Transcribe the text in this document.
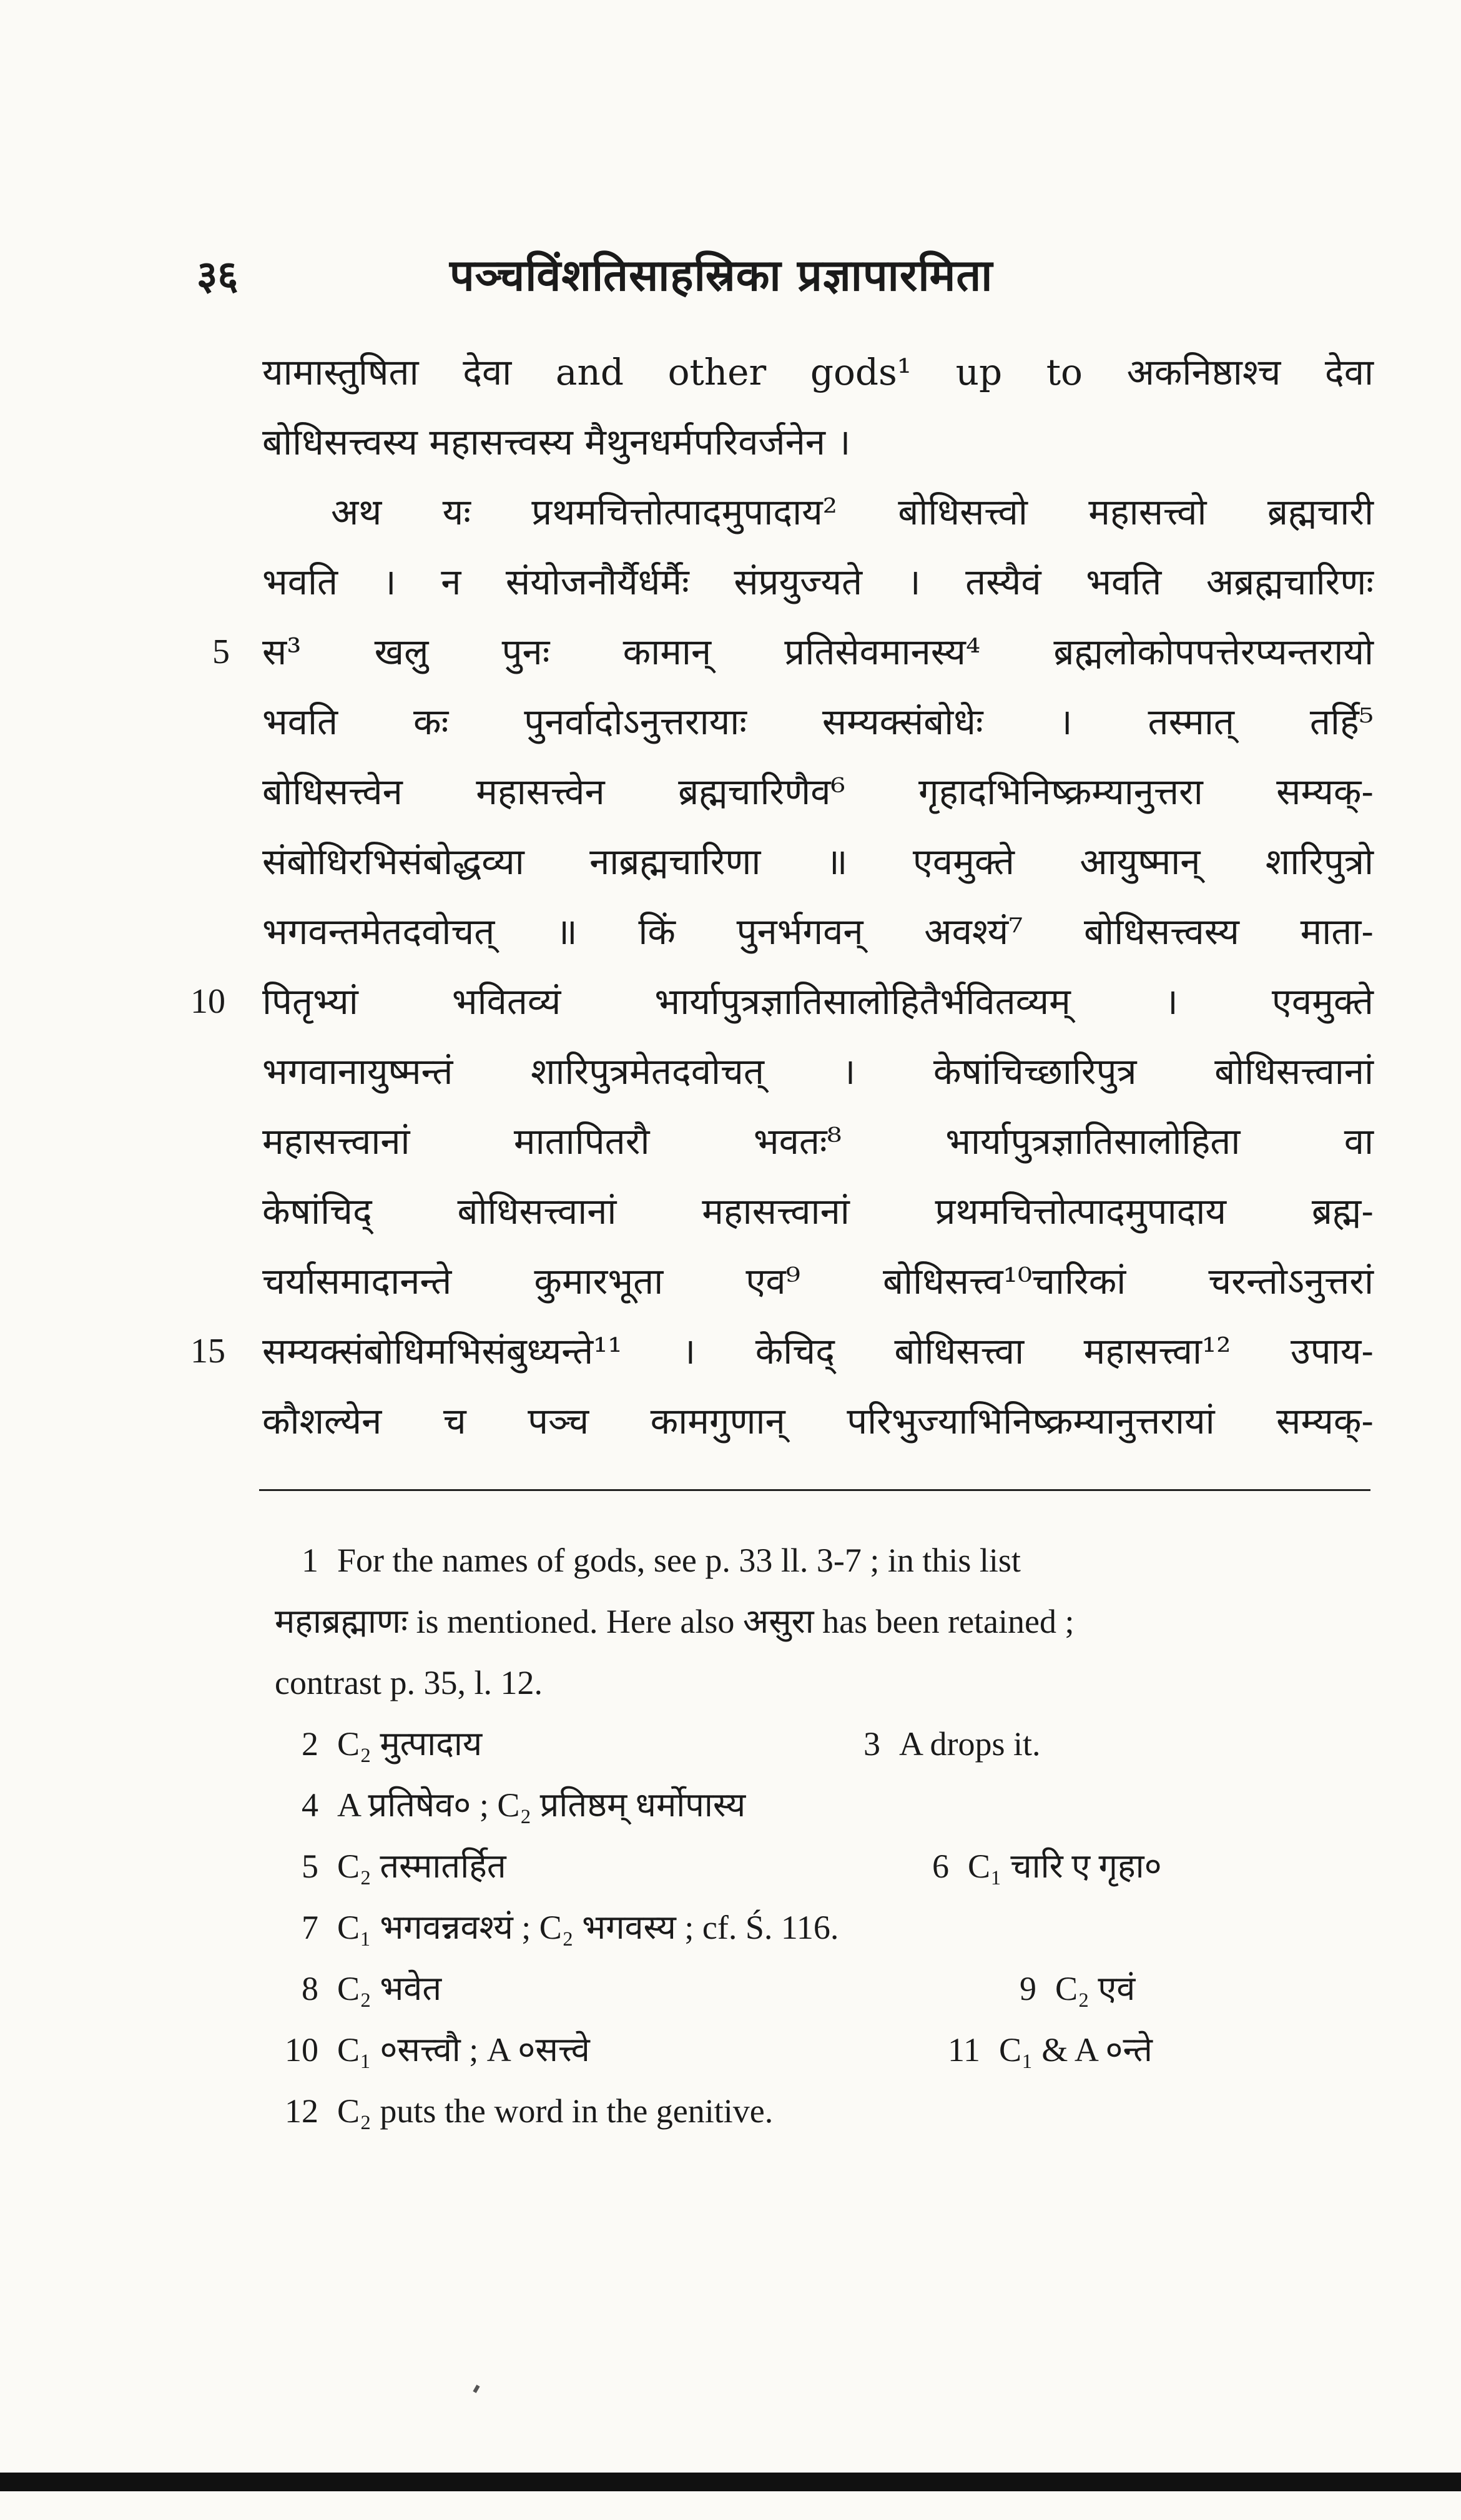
३६	पञ्चविंशतिसाहस्रिका प्रज्ञापारमिता
यामास्तुषिता देवा and other gods¹ up to अकनिष्ठाश्च देवा
बोधिसत्त्वस्य महासत्त्वस्य मैथुनधर्मपरिवर्जनेन ।
अथ यः प्रथमचित्तोत्पादमुपादाय² बोधिसत्त्वो महासत्त्वो ब्रह्मचारी
भवति । न संयोजनौर्यैर्धर्मैः संप्रयुज्यते । तस्यैवं भवति अब्रह्मचारिणः
5 स³ खलु पुनः कामान् प्रतिसेवमानस्य⁴ ब्रह्मलोकोपपत्तेरप्यन्तरायो
भवति कः पुनर्वादोऽनुत्तरायाः सम्यक्संबोधेः । तस्मात् तर्हि⁵
बोधिसत्त्वेन महासत्त्वेन ब्रह्मचारिणैव⁶ गृहादभिनिष्क्रम्यानुत्तरा सम्यक्-
संबोधिरभिसंबोद्धव्या नाब्रह्मचारिणा ॥ एवमुक्ते आयुष्मान् शारिपुत्रो
भगवन्तमेतदवोचत् ॥ किं पुनर्भगवन् अवश्यं⁷ बोधिसत्त्वस्य माता-
10 पितृभ्यां भवितव्यं भार्यापुत्रज्ञातिसालोहितैर्भवितव्यम् । एवमुक्ते
भगवानायुष्मन्तं शारिपुत्रमेतदवोचत् । केषांचिच्छारिपुत्र बोधिसत्त्वानां
महासत्त्वानां मातापितरौ भवतः⁸ भार्यापुत्रज्ञातिसालोहिता वा
केषांचिद् बोधिसत्त्वानां महासत्त्वानां प्रथमचित्तोत्पादमुपादाय ब्रह्म-
चर्यासमादानन्ते कुमारभूता एव⁹ बोधिसत्त्व¹⁰चारिकां चरन्तोऽनुत्तरां
15 सम्यक्संबोधिमभिसंबुध्यन्ते¹¹ । केचिद् बोधिसत्त्वा महासत्त्वा¹² उपाय-
कौशल्येन च पञ्च कामगुणान् परिभुज्याभिनिष्क्रम्यानुत्तरायां सम्यक्-
1 For the names of gods, see p. 33 ll. 3-7 ; in this list
महाब्रह्माणः is mentioned. Here also असुरा has been retained ;
contrast p. 35, l. 12.
2 C₂ मुत्पादाय	3 A drops it.
4 A प्रतिषेव० ; C₂ प्रतिष्ठम् धर्मोपास्य
5 C₂ तस्मातर्हित	6 C₁ चारि ए गृहा०
7 C₁ भगवन्नवश्यं ; C₂ भगवस्य ; cf. Ś. 116.
8 C₂ भवेत	9 C₂ एवं
10 C₁ ०सत्त्वौ ; A ०सत्त्वे	11 C₁ & A ०न्ते
12 C₂ puts the word in the genitive.
